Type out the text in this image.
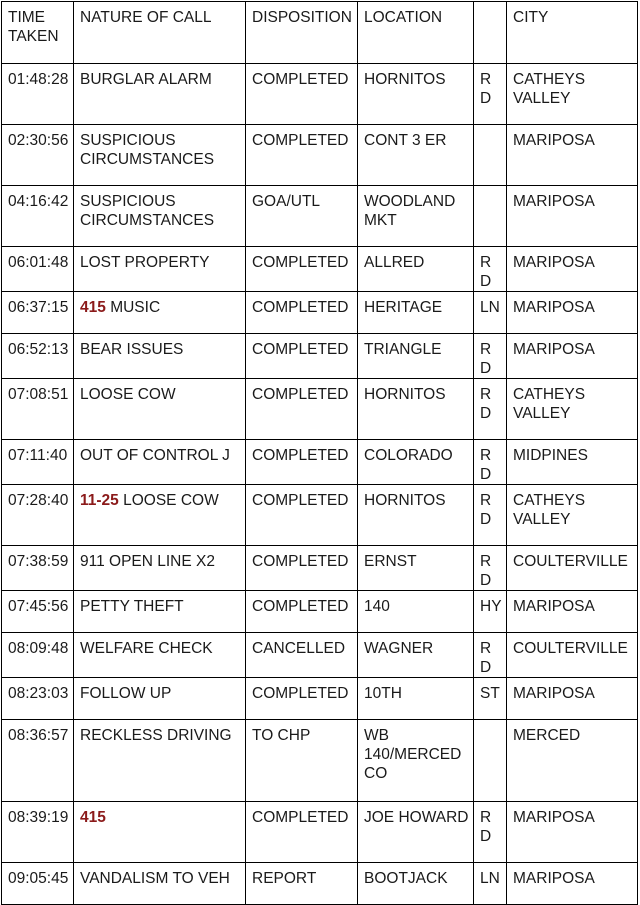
TIME TAKEN	NATURE OF CALL	DISPOSITION	LOCATION		CITY
01:48:28	BURGLAR ALARM	COMPLETED	HORNITOS	RD	CATHEYS VALLEY
02:30:56	SUSPICIOUS CIRCUMSTANCES	COMPLETED	CONT 3 ER		MARIPOSA
04:16:42	SUSPICIOUS CIRCUMSTANCES	GOA/UTL	WOODLAND MKT		MARIPOSA
06:01:48	LOST PROPERTY	COMPLETED	ALLRED	RD	MARIPOSA
06:37:15	415 MUSIC	COMPLETED	HERITAGE	LN	MARIPOSA
06:52:13	BEAR ISSUES	COMPLETED	TRIANGLE	RD	MARIPOSA
07:08:51	LOOSE COW	COMPLETED	HORNITOS	RD	CATHEYS VALLEY
07:11:40	OUT OF CONTROL J	COMPLETED	COLORADO	RD	MIDPINES
07:28:40	11-25 LOOSE COW	COMPLETED	HORNITOS	RD	CATHEYS VALLEY
07:38:59	911 OPEN LINE X2	COMPLETED	ERNST	RD	COULTERVILLE
07:45:56	PETTY THEFT	COMPLETED	140	HY	MARIPOSA
08:09:48	WELFARE CHECK	CANCELLED	WAGNER	RD	COULTERVILLE
08:23:03	FOLLOW UP	COMPLETED	10TH	ST	MARIPOSA
08:36:57	RECKLESS DRIVING	TO CHP	WB 140/MERCED CO		MERCED
08:39:19	415	COMPLETED	JOE HOWARD	RD	MARIPOSA
09:05:45	VANDALISM TO VEH	REPORT	BOOTJACK	LN	MARIPOSA
